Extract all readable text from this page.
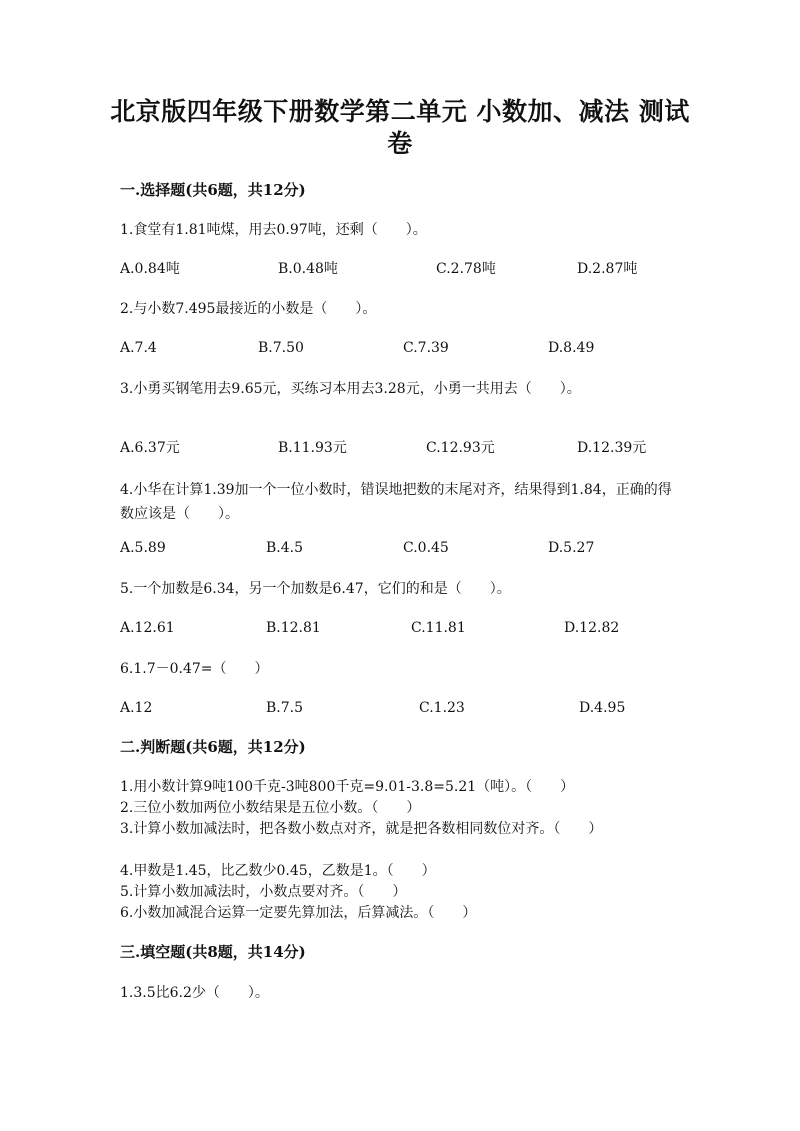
北京版四年级下册数学第二单元 小数加、减法 测试卷
一.选择题(共6题，共12分)
1.食堂有1.81吨煤，用去0.97吨，还剩（　　）。
A.0.84吨	B.0.48吨	C.2.78吨	D.2.87吨
2.与小数7.495最接近的小数是（　　）。
A.7.4	B.7.50	C.7.39	D.8.49
3.小勇买钢笔用去9.65元，买练习本用去3.28元，小勇一共用去（　　）。
A.6.37元	B.11.93元	C.12.93元	D.12.39元
4.小华在计算1.39加一个一位小数时，错误地把数的末尾对齐，结果得到1.84，正确的得数应该是（　　）。
A.5.89	B.4.5	C.0.45	D.5.27
5.一个加数是6.34，另一个加数是6.47，它们的和是（　　）。
A.12.61	B.12.81	C.11.81	D.12.82
6.1.7－0.47=（　　）
A.12	B.7.5	C.1.23	D.4.95
二.判断题(共6题，共12分)
1.用小数计算9吨100千克-3吨800千克=9.01-3.8=5.21（吨）。（　　）
2.三位小数加两位小数结果是五位小数。（　　）
3.计算小数加减法时，把各数小数点对齐，就是把各数相同数位对齐。（　　）
4.甲数是1.45，比乙数少0.45，乙数是1。（　　）
5.计算小数加减法时，小数点要对齐。（　　）
6.小数加减混合运算一定要先算加法，后算减法。（　　）
三.填空题(共8题，共14分)
1.3.5比6.2少（　　）。
